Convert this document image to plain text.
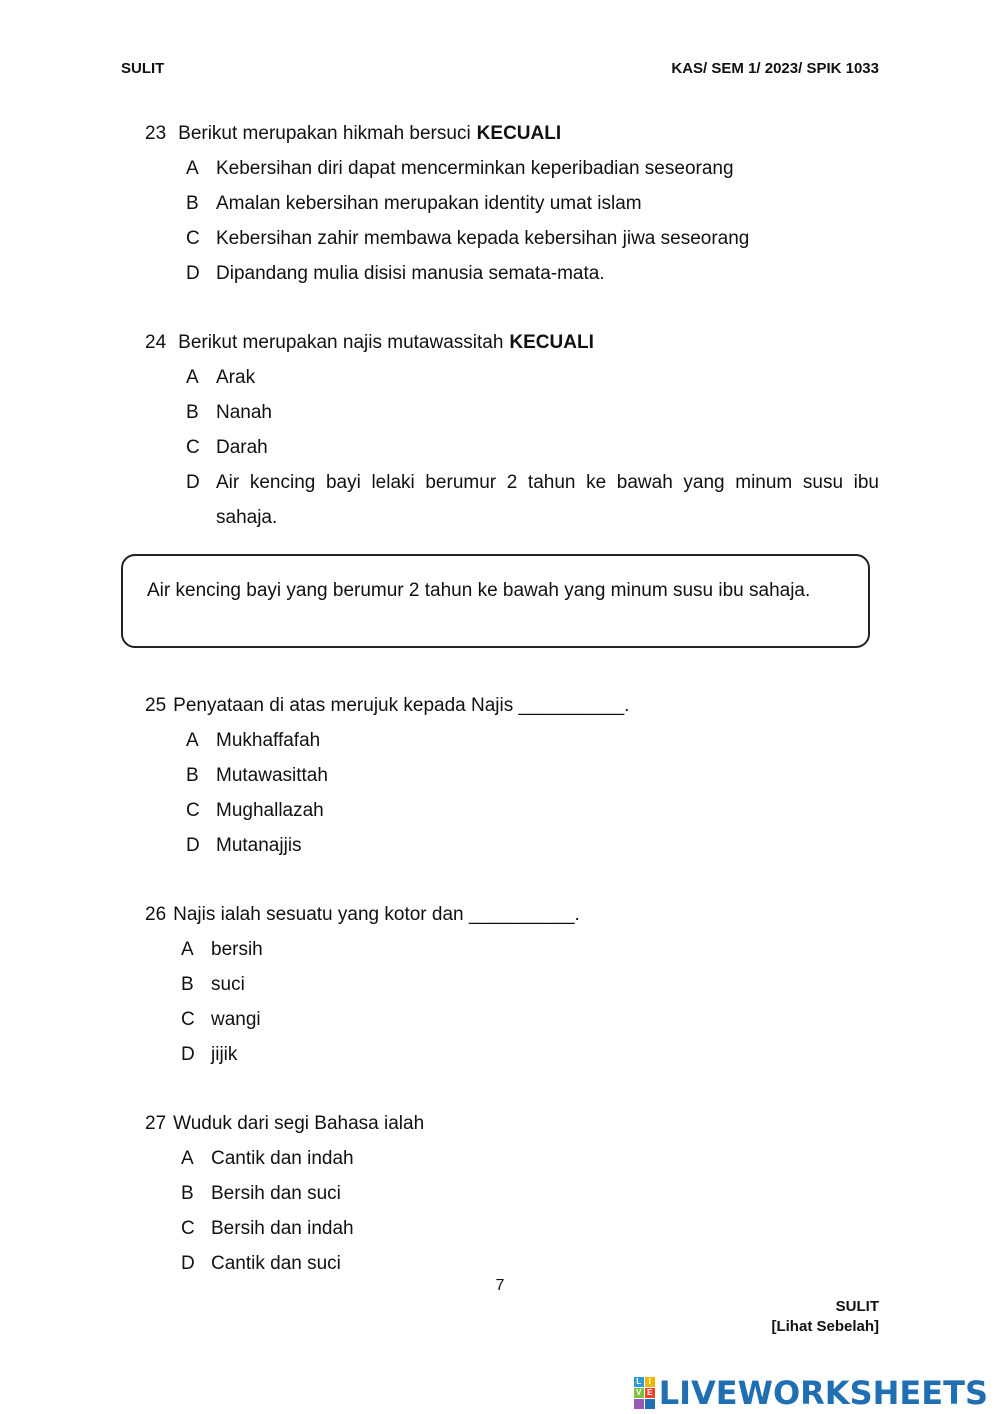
SULIT	KAS/ SEM 1/ 2023/ SPIK 1033
23 Berikut merupakan hikmah bersuci KECUALI
A Kebersihan diri dapat mencerminkan keperibadian seseorang
B Amalan kebersihan merupakan identity umat islam
C Kebersihan zahir membawa kepada kebersihan jiwa seseorang
D Dipandang mulia disisi manusia semata-mata.
24 Berikut merupakan najis mutawassitah KECUALI
A Arak
B Nanah
C Darah
D Air kencing bayi lelaki berumur 2 tahun ke bawah yang minum susu ibu sahaja.
Air kencing bayi yang berumur 2 tahun ke bawah yang minum susu ibu sahaja.
25 Penyataan di atas merujuk kepada Najis __________.
A Mukhaffafah
B Mutawasittah
C Mughallazah
D Mutanajjis
26 Najis ialah sesuatu yang kotor dan __________.
A bersih
B suci
C wangi
D jijik
27 Wuduk dari segi Bahasa ialah
A Cantik dan indah
B Bersih dan suci
C Bersih dan indah
D Cantik dan suci
7
SULIT
[Lihat Sebelah]
L I
V E LIVEWORKSHEETS
